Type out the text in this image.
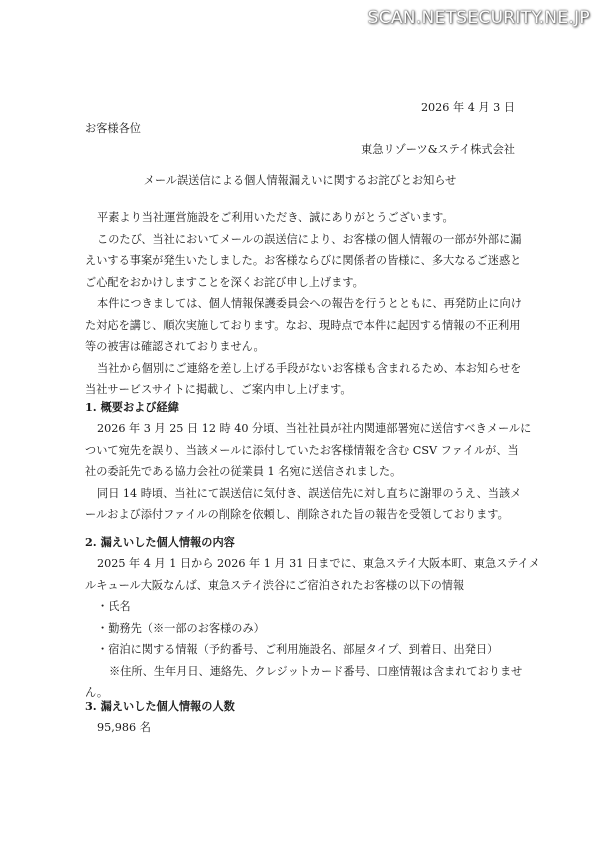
SCAN.NETSECURITY.NE.JP
2026 年 4 月 3 日
お客様各位
東急リゾーツ&ステイ株式会社
メール誤送信による個人情報漏えいに関するお詫びとお知らせ
平素より当社運営施設をご利用いただき、誠にありがとうございます。
このたび、当社においてメールの誤送信により、お客様の個人情報の一部が外部に漏
えいする事案が発生いたしました。お客様ならびに関係者の皆様に、多大なるご迷惑と
ご心配をおかけしますことを深くお詫び申し上げます。
本件につきましては、個人情報保護委員会への報告を行うとともに、再発防止に向け
た対応を講じ、順次実施しております。なお、現時点で本件に起因する情報の不正利用
等の被害は確認されておりません。
当社から個別にご連絡を差し上げる手段がないお客様も含まれるため、本お知らせを
当社サービスサイトに掲載し、ご案内申し上げます。
1. 概要および経緯
2026 年 3 月 25 日 12 時 40 分頃、当社社員が社内関連部署宛に送信すべきメールに
ついて宛先を誤り、当該メールに添付していたお客様情報を含む CSV ファイルが、当
社の委託先である協力会社の従業員 1 名宛に送信されました。
同日 14 時頃、当社にて誤送信に気付き、誤送信先に対し直ちに謝罪のうえ、当該メ
ールおよび添付ファイルの削除を依頼し、削除された旨の報告を受領しております。
2. 漏えいした個人情報の内容
2025 年 4 月 1 日から 2026 年 1 月 31 日までに、東急ステイ大阪本町、東急ステイメ
ルキュール大阪なんば、東急ステイ渋谷にご宿泊されたお客様の以下の情報
・氏名
・勤務先（※一部のお客様のみ）
・宿泊に関する情報（予約番号、ご利用施設名、部屋タイプ、到着日、出発日）
※住所、生年月日、連絡先、クレジットカード番号、口座情報は含まれておりませ
ん。
3. 漏えいした個人情報の人数
95,986 名
